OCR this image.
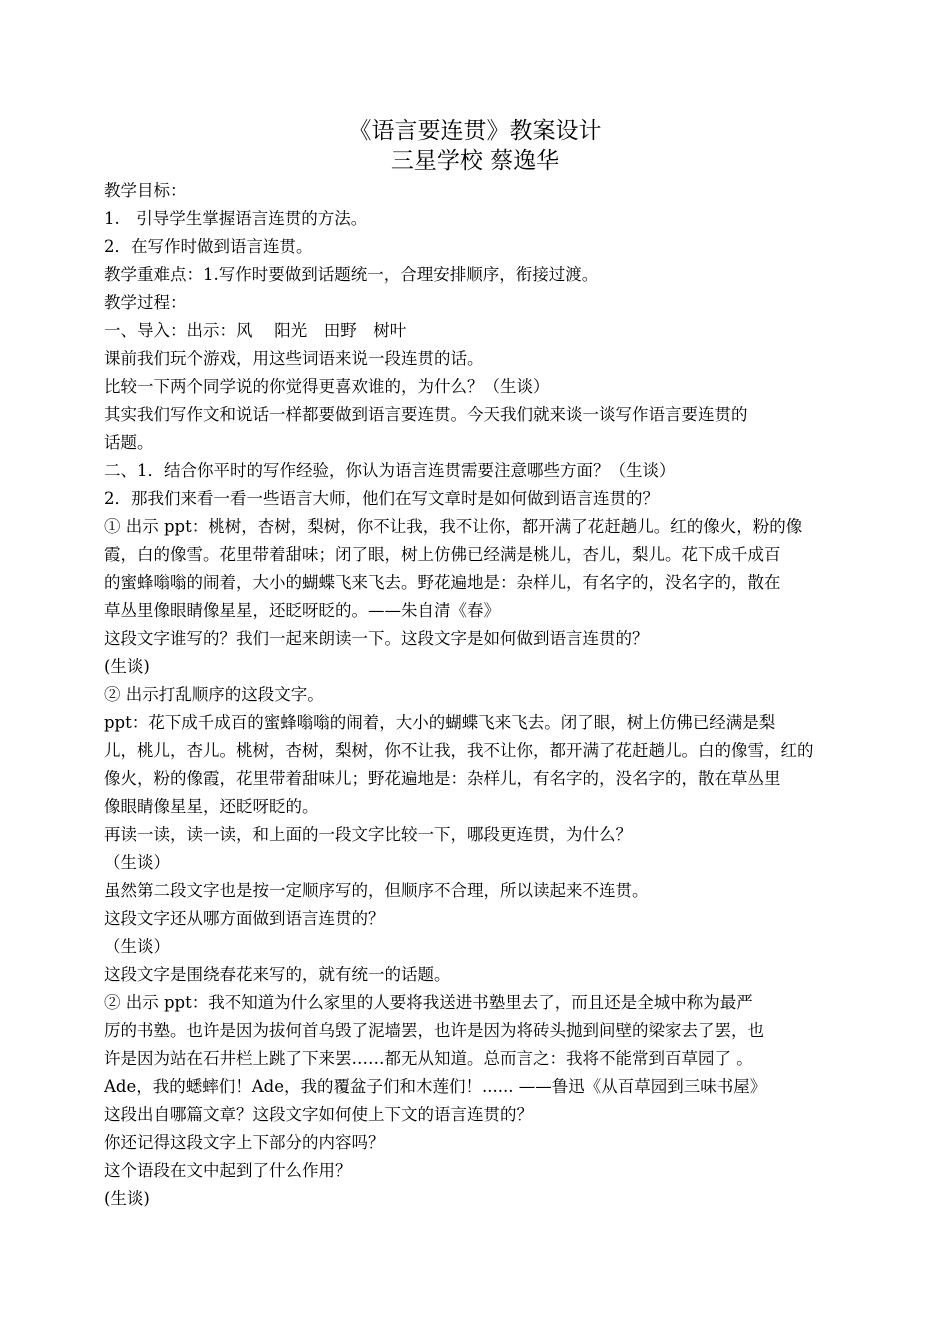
《语言要连贯》教案设计
三星学校 蔡逸华
教学目标：
1.　引导学生掌握语言连贯的方法。
2．在写作时做到语言连贯。
教学重难点：1.写作时要做到话题统一，合理安排顺序，衔接过渡。
教学过程：
一、导入：出示：风　 阳光　田野　树叶
课前我们玩个游戏，用这些词语来说一段连贯的话。
比较一下两个同学说的你觉得更喜欢谁的，为什么？（生谈）
其实我们写作文和说话一样都要做到语言要连贯。今天我们就来谈一谈写作语言要连贯的
话题。
二、1．结合你平时的写作经验，你认为语言连贯需要注意哪些方面？（生谈）
2．那我们来看一看一些语言大师，他们在写文章时是如何做到语言连贯的？
① 出示 ppt：桃树，杏树，梨树，你不让我，我不让你，都开满了花赶趟儿。红的像火，粉的像
霞，白的像雪。花里带着甜味；闭了眼，树上仿佛已经满是桃儿，杏儿，梨儿。花下成千成百
的蜜蜂嗡嗡的闹着，大小的蝴蝶飞来飞去。野花遍地是：杂样儿，有名字的，没名字的，散在
草丛里像眼睛像星星，还眨呀眨的。——朱自清《春》
这段文字谁写的？我们一起来朗读一下。这段文字是如何做到语言连贯的？
(生谈)
② 出示打乱顺序的这段文字。
ppt：花下成千成百的蜜蜂嗡嗡的闹着，大小的蝴蝶飞来飞去。闭了眼，树上仿佛已经满是梨
儿，桃儿，杏儿。桃树，杏树，梨树，你不让我，我不让你，都开满了花赶趟儿。白的像雪，红的
像火，粉的像霞，花里带着甜味儿；野花遍地是：杂样儿，有名字的，没名字的，散在草丛里
像眼睛像星星，还眨呀眨的。
再读一读，读一读，和上面的一段文字比较一下，哪段更连贯，为什么？
（生谈）
虽然第二段文字也是按一定顺序写的，但顺序不合理，所以读起来不连贯。
这段文字还从哪方面做到语言连贯的？
（生谈）
这段文字是围绕春花来写的，就有统一的话题。
② 出示 ppt：我不知道为什么家里的人要将我送进书塾里去了，而且还是全城中称为最严
厉的书塾。也许是因为拔何首乌毁了泥墙罢，也许是因为将砖头抛到间壁的梁家去了罢，也
许是因为站在石井栏上跳了下来罢……都无从知道。总而言之：我将不能常到百草园了 。
Ade，我的蟋蟀们！Ade，我的覆盆子们和木莲们！...... ——鲁迅《从百草园到三味书屋》
这段出自哪篇文章？这段文字如何使上下文的语言连贯的？
你还记得这段文字上下部分的内容吗？
这个语段在文中起到了什么作用？
(生谈)
